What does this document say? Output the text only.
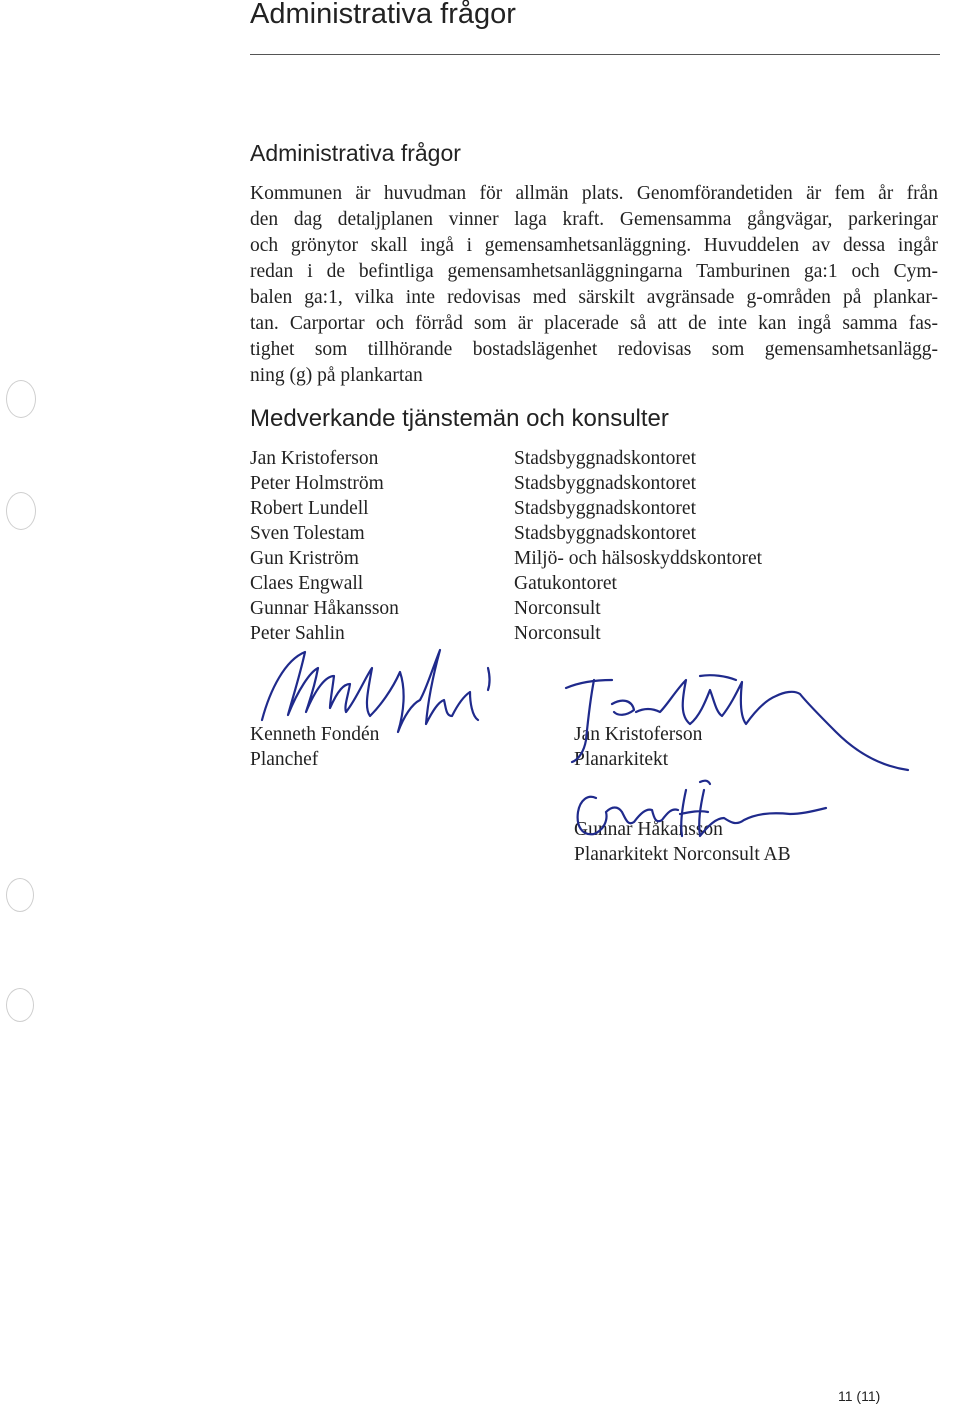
Administrativa frågor
Administrativa frågor
Kommunen är huvudman för allmän plats. Genomförandetiden är fem år från
den dag detaljplanen vinner laga kraft. Gemensamma gångvägar, parkeringar
och grönytor skall ingå i gemensamhetsanläggning. Huvuddelen av dessa ingår
redan i de befintliga gemensamhetsanläggningarna Tamburinen ga:1 och Cym-
balen ga:1, vilka inte redovisas med särskilt avgränsade g-områden på plankar-
tan. Carportar och förråd som är placerade så att de inte kan ingå samma fas-
tighet som tillhörande bostadslägenhet redovisas som gemensamhetsanlägg-
ning (g) på plankartan
Medverkande tjänstemän och konsulter
Jan Kristoferson	Stadsbyggnadskontoret
Peter Holmström	Stadsbyggnadskontoret
Robert Lundell	Stadsbyggnadskontoret
Sven Tolestam	Stadsbyggnadskontoret
Gun Kriström	Miljö- och hälsoskyddskontoret
Claes Engwall	Gatukontoret
Gunnar Håkansson	Norconsult
Peter Sahlin	Norconsult
Kenneth Fondén
Planchef
Jan Kristoferson
Planarkitekt
Gunnar Håkansson
Planarkitekt Norconsult AB
11 (11)
